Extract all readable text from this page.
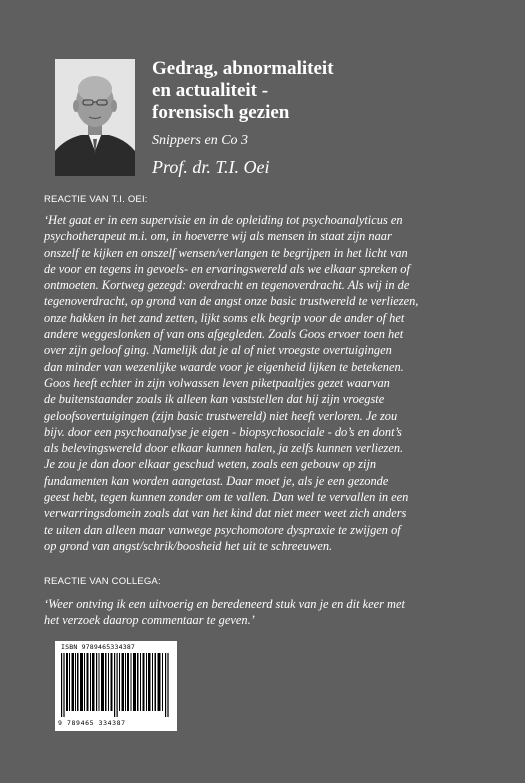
Gedrag, abnormaliteit
en actualiteit -
forensisch gezien
Snippers en Co 3
Prof. dr. T.I. Oei
REACTIE VAN T.I. OEI:
‘Het gaat er in een supervisie en in de opleiding tot psychoanalyticus en
psychotherapeut m.i. om, in hoeverre wij als mensen in staat zijn naar
onszelf te kijken en onszelf wensen/verlangen te begrijpen in het licht van
de voor en tegens in gevoels- en ervaringswereld als we elkaar spreken of
ontmoeten. Kortweg gezegd: overdracht en tegenoverdracht. Als wij in de
tegenoverdracht, op grond van de angst onze basic trustwereld te verliezen,
onze hakken in het zand zetten, lijkt soms elk begrip voor de ander of het
andere weggeslonken of van ons afgegleden. Zoals Goos ervoer toen het
over zijn geloof ging. Namelijk dat je al of niet vroegste overtuigingen
dan minder van wezenlijke waarde voor je eigenheid lijken te betekenen.
Goos heeft echter in zijn volwassen leven piketpaaltjes gezet waarvan
de buitenstaander zoals ik alleen kan vaststellen dat hij zijn vroegste
geloofsovertuigingen (zijn basic trustwereld) niet heeft verloren. Je zou
bijv. door een psychoanalyse je eigen - biopsychosociale - do’s en dont’s
als belevingswereld door elkaar kunnen halen, ja zelfs kunnen verliezen.
Je zou je dan door elkaar geschud weten, zoals een gebouw op zijn
fundamenten kan worden aangetast. Daar moet je, als je een gezonde
geest hebt, tegen kunnen zonder om te vallen. Dan wel te vervallen in een
verwarringsdomein zoals dat van het kind dat niet meer weet zich anders
te uiten dan alleen maar vanwege psychomotore dyspraxie te zwijgen of
op grond van angst/schrik/boosheid het uit te schreeuwen.
REACTIE VAN COLLEGA:
‘Weer ontving ik een uitvoerig en beredeneerd stuk van je en dit keer met
het verzoek daarop commentaar te geven.’
ISBN 9789465334387
9 789465 334387
